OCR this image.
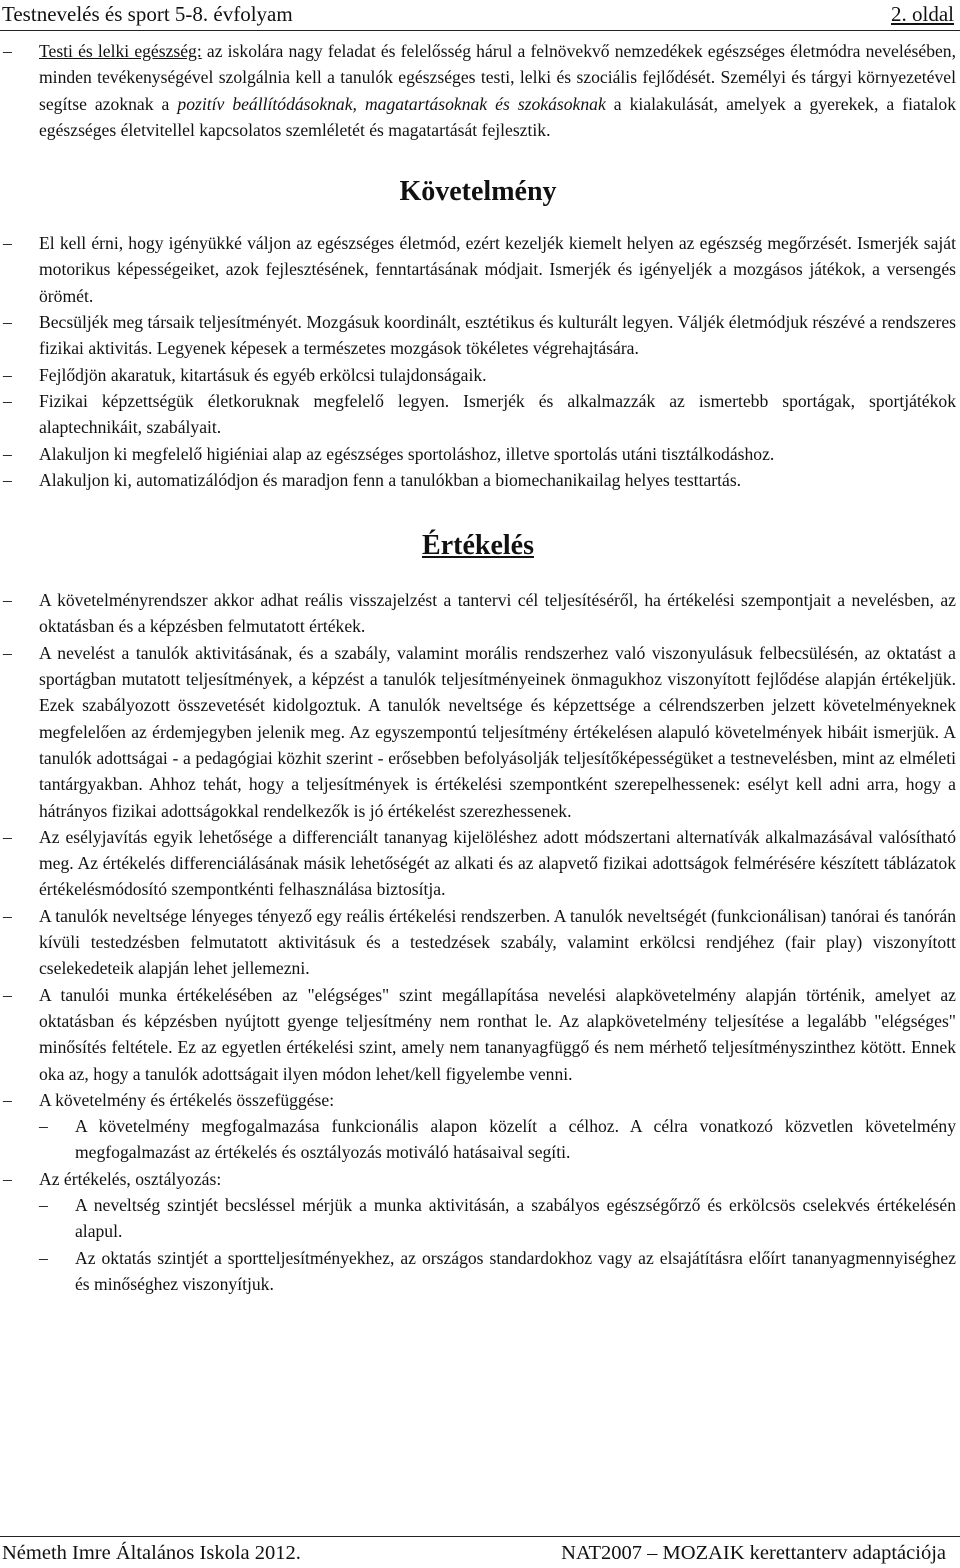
Testnevelés és sport 5-8. évfolyam	2. oldal

–	Testi és lelki egészség: az iskolára nagy feladat és felelősség hárul a felnövekvő nemzedékek egészséges életmódra nevelésében, minden tevékenységével szolgálnia kell a tanulók egészséges testi, lelki és szociális fejlődését. Személyi és tárgyi környezetével segítse azoknak a pozitív beállítódásoknak, magatartásoknak és szokásoknak a kialakulását, amelyek a gyerekek, a fiatalok egészséges életvitellel kapcsolatos szemléletét és magatartását fejlesztik.

Követelmény

–	El kell érni, hogy igényükké váljon az egészséges életmód, ezért kezeljék kiemelt helyen az egészség megőrzését. Ismerjék saját motorikus képességeiket, azok fejlesztésének, fenntartásának módjait. Ismerjék és igényeljék a mozgásos játékok, a versengés örömét.

–	Becsüljék meg társaik teljesítményét. Mozgásuk koordinált, esztétikus és kulturált legyen. Váljék életmódjuk részévé a rendszeres fizikai aktivitás. Legyenek képesek a természetes mozgások tökéletes végrehajtására.

–	Fejlődjön akaratuk, kitartásuk és egyéb erkölcsi tulajdonságaik.

–	Fizikai képzettségük életkoruknak megfelelő legyen. Ismerjék és alkalmazzák az ismertebb sportágak, sportjátékok alaptechnikáit, szabályait.

–	Alakuljon ki megfelelő higiéniai alap az egészséges sportoláshoz, illetve sportolás utáni tisztálkodáshoz.

–	Alakuljon ki, automatizálódjon és maradjon fenn a tanulókban a biomechanikailag helyes testtartás.

Értékelés

–	A követelményrendszer akkor adhat reális visszajelzést a tantervi cél teljesítéséről, ha értékelési szempontjait a nevelésben, az oktatásban és a képzésben felmutatott értékek.

–	A nevelést a tanulók aktivitásának, és a szabály, valamint morális rendszerhez való viszonyulásuk felbecsülésén, az oktatást a sportágban mutatott teljesítmények, a képzést a tanulók teljesítményeinek önmagukhoz viszonyított fejlődése alapján értékeljük. Ezek szabályozott összevetését kidolgoztuk. A tanulók neveltsége és képzettsége a célrendszerben jelzett követelményeknek megfelelően az érdemjegyben jelenik meg. Az egyszempontú teljesítmény értékelésen alapuló követelmények hibáit ismerjük. A tanulók adottságai - a pedagógiai közhit szerint - erősebben befolyásolják teljesítőképességüket a testnevelésben, mint az elméleti tantárgyakban. Ahhoz tehát, hogy a teljesítmények is értékelési szempontként szerepelhessenek: esélyt kell adni arra, hogy a hátrányos fizikai adottságokkal rendelkezők is jó értékelést szerezhessenek.

–	Az esélyjavítás egyik lehetősége a differenciált tananyag kijelöléshez adott módszertani alternatívák alkalmazásával valósítható meg. Az értékelés differenciálásának másik lehetőségét az alkati és az alapvető fizikai adottságok felmérésére készített táblázatok értékelésmódosító szempontkénti felhasználása biztosítja.

–	A tanulók neveltsége lényeges tényező egy reális értékelési rendszerben. A tanulók neveltségét (funkcionálisan) tanórai és tanórán kívüli testedzésben felmutatott aktivitásuk és a testedzések szabály, valamint erkölcsi rendjéhez (fair play) viszonyított cselekedeteik alapján lehet jellemezni.

–	A tanulói munka értékelésében az "elégséges" szint megállapítása nevelési alapkövetelmény alapján történik, amelyet az oktatásban és képzésben nyújtott gyenge teljesítmény nem ronthat le. Az alapkövetelmény teljesítése a legalább "elégséges" minősítés feltétele. Ez az egyetlen értékelési szint, amely nem tananyagfüggő és nem mérhető teljesítményszinthez kötött. Ennek oka az, hogy a tanulók adottságait ilyen módon lehet/kell figyelembe venni.

–	A követelmény és értékelés összefüggése:

–	A követelmény megfogalmazása funkcionális alapon közelít a célhoz. A célra vonatkozó közvetlen követelmény megfogalmazást az értékelés és osztályozás motiváló hatásaival segíti.

–	Az értékelés, osztályozás:

–	A neveltség szintjét becsléssel mérjük a munka aktivitásán, a szabályos egészségőrző és erkölcsös cselekvés értékelésén alapul.

–	Az oktatás szintjét a sportteljesítményekhez, az országos standardokhoz vagy az elsajátításra előírt tananyagmennyiséghez és minőséghez viszonyítjuk.

Németh Imre Általános Iskola 2012.	NAT2007 – MOZAIK kerettanterv adaptációja
